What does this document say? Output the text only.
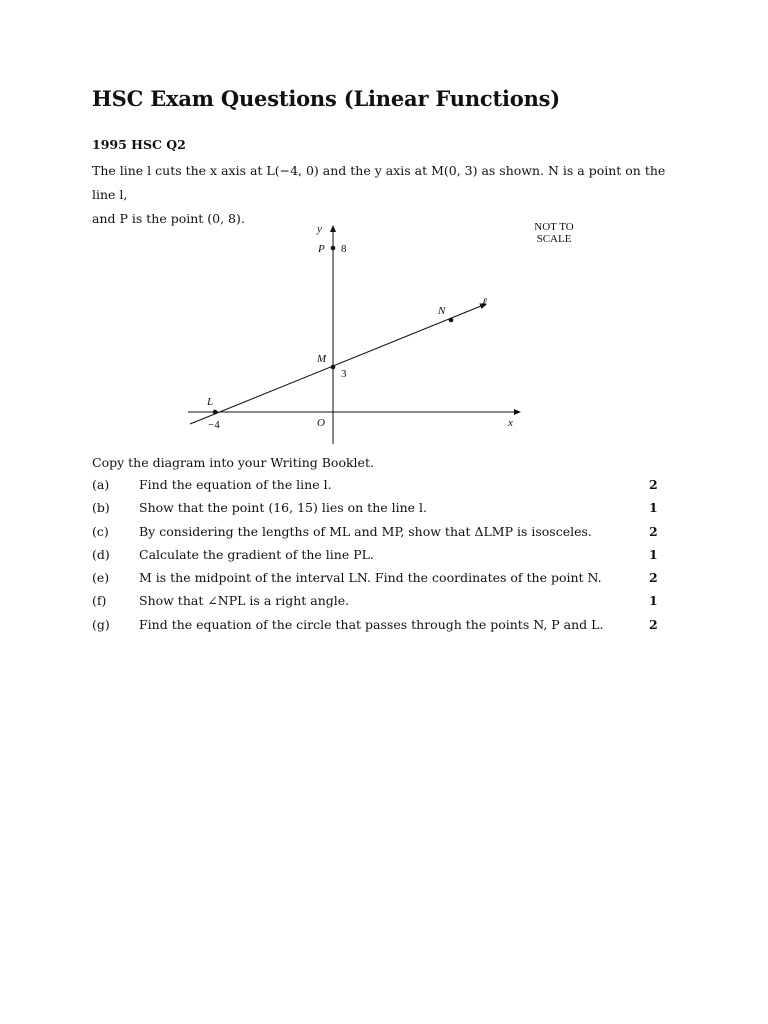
HSC Exam Questions (Linear Functions)
1995 HSC Q2
The line l cuts the x axis at L(−4, 0) and the y axis at M(0, 3) as shown. N is a point on the line l,
and P is the point (0, 8).
y
x
O
P 8
M
3
L
−4
N
ℓ
NOT TO
SCALE
Copy the diagram into your Writing Booklet.
(a) Find the equation of the line l.	2
(b) Show that the point (16, 15) lies on the line l.	1
(c) By considering the lengths of ML and MP, show that ΔLMP is isosceles.	2
(d) Calculate the gradient of the line PL.	1
(e) M is the midpoint of the interval LN. Find the coordinates of the point N.	2
(f)	Show that ∠NPL is a right angle.	1
(g) Find the equation of the circle that passes through the points N, P and L.	2
